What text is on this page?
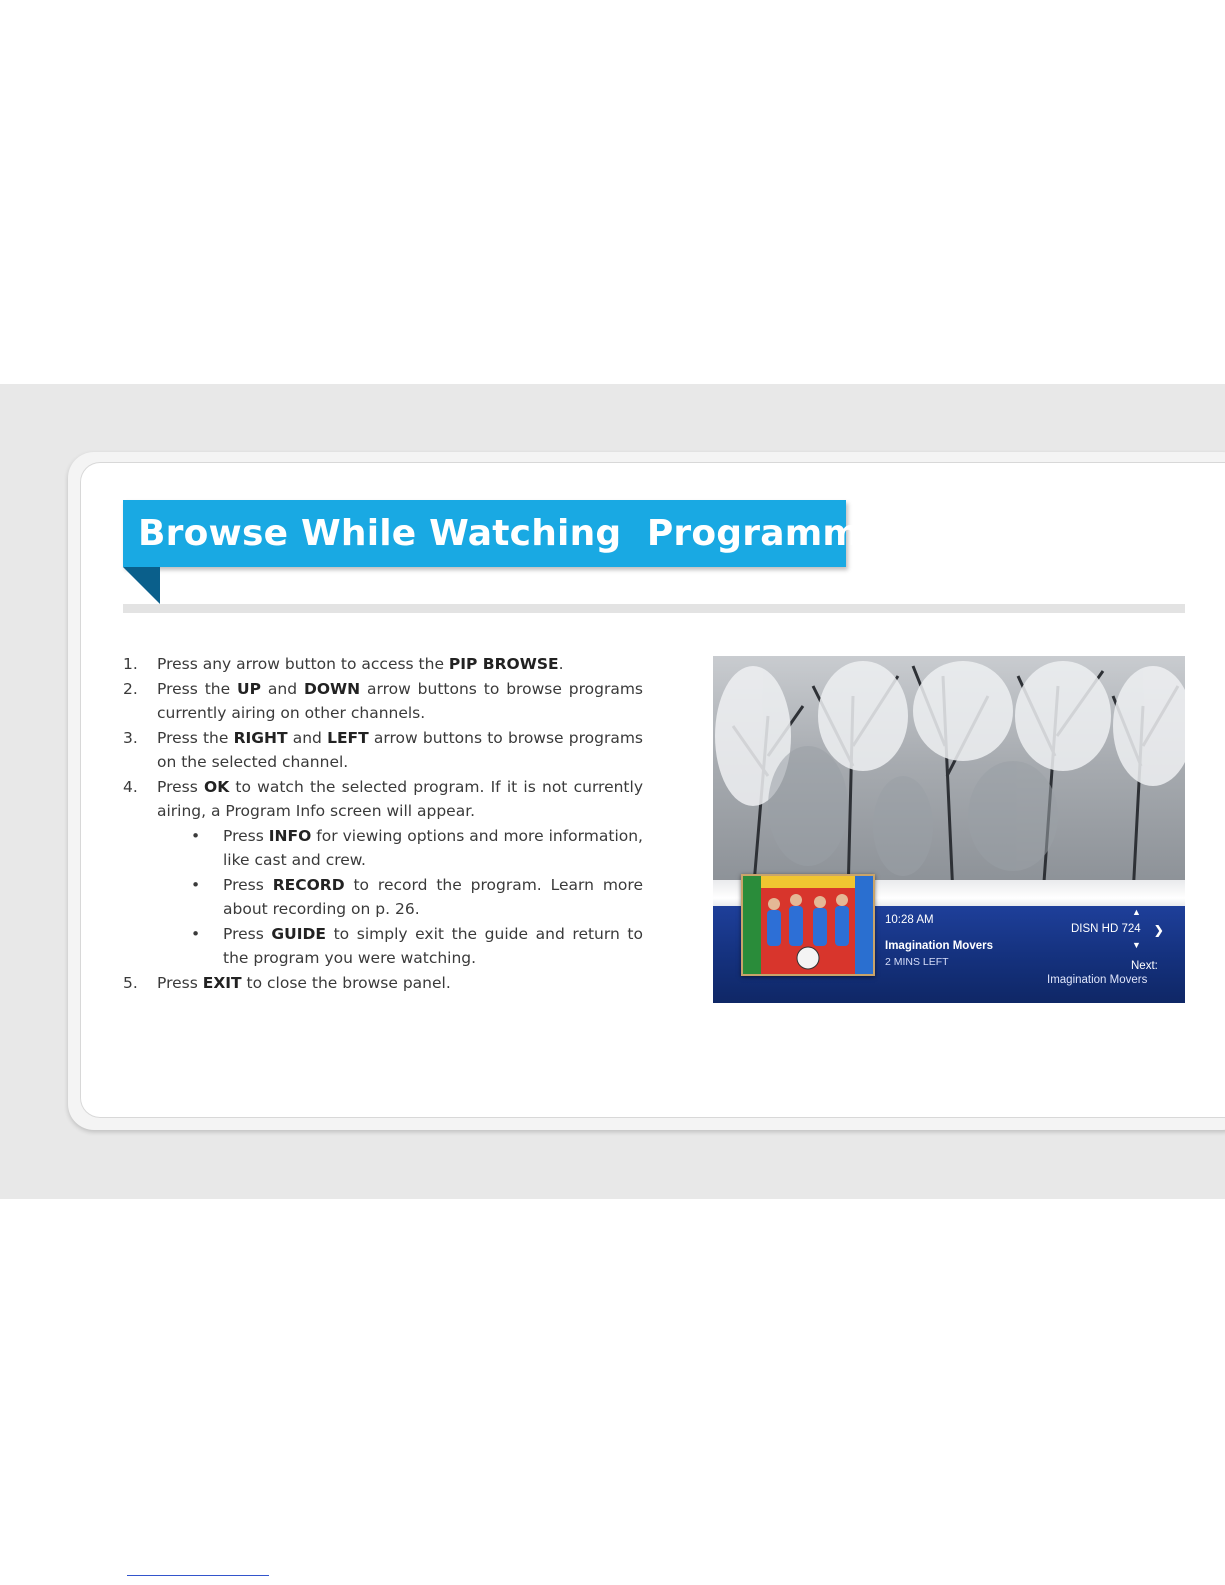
Browse While Watching  Programming
1. Press any arrow button to access the PIP BROWSE.
2. Press the UP and DOWN arrow buttons to browse programs currently airing on other channels.
3. Press the RIGHT and LEFT arrow buttons to browse programs on the selected channel.
4. Press OK to watch the selected program. If it is not currently airing, a Program Info screen will appear.
• Press INFO for viewing options and more information, like cast and crew.
• Press RECORD to record the program. Learn more about recording on p. 26.
• Press GUIDE to simply exit the guide and return to the program you were watching.
5. Press EXIT to close the browse panel.
10:28 AM
Imagination Movers
2 MINS LEFT
▲
DISN HD 724 ❯
▼
Next:
Imagination Movers
